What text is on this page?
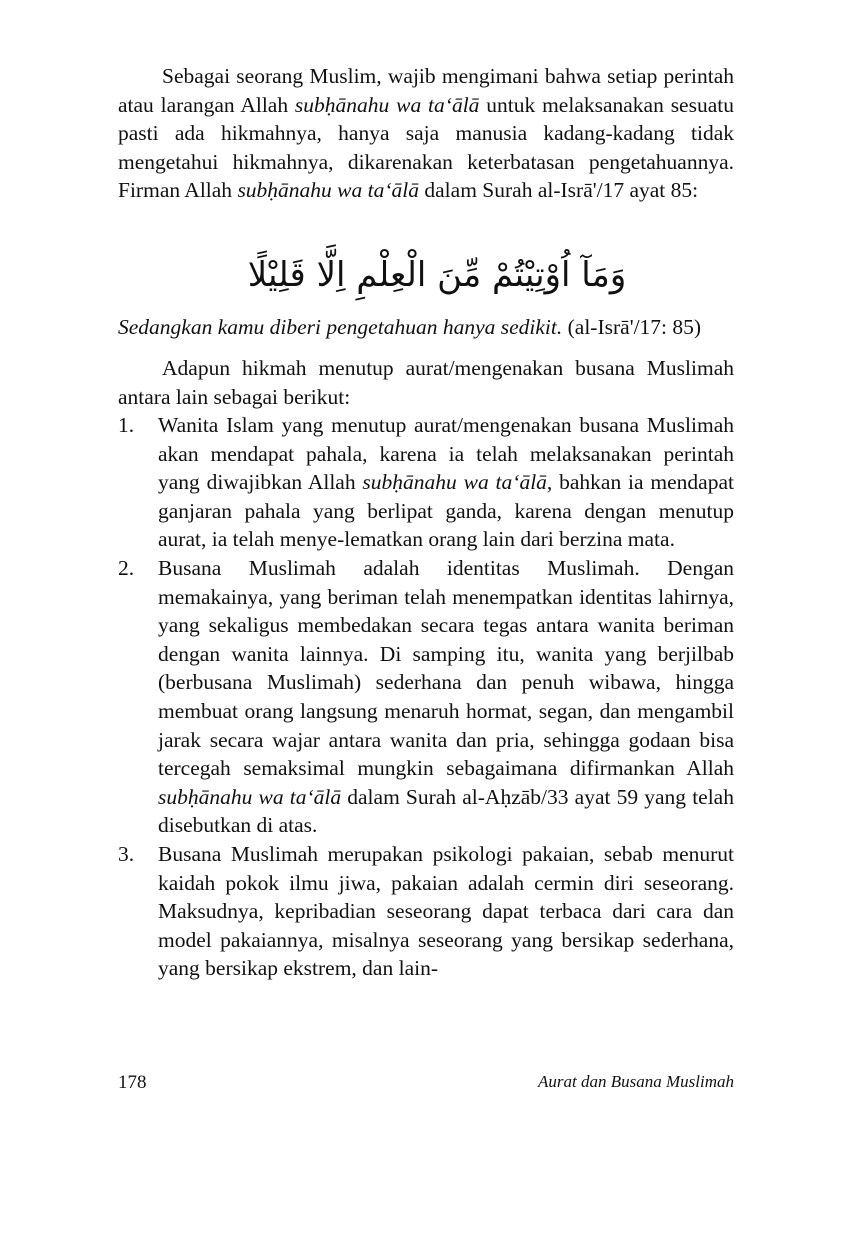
Sebagai seorang Muslim, wajib mengimani bahwa setiap perintah atau larangan Allah subḥānahu wa ta‘ālā untuk melaksanakan sesuatu pasti ada hikmahnya, hanya saja manusia kadang-kadang tidak mengetahui hikmahnya, dikarenakan keterbatasan pengetahuannya. Firman Allah subḥānahu wa ta‘ālā dalam Surah al-Isrā'/17 ayat 85:

وَمَآ اُوْتِيْتُمْ مِّنَ الْعِلْمِ اِلَّا قَلِيْلًا

Sedangkan kamu diberi pengetahuan hanya sedikit. (al-Isrā'/17: 85)

Adapun hikmah menutup aurat/mengenakan busana Muslimah antara lain sebagai berikut:

1. Wanita Islam yang menutup aurat/mengenakan busana Muslimah akan mendapat pahala, karena ia telah melaksanakan perintah yang diwajibkan Allah subḥānahu wa ta‘ālā, bahkan ia mendapat ganjaran pahala yang berlipat ganda, karena dengan menutup aurat, ia telah menye-lematkan orang lain dari berzina mata.
2. Busana Muslimah adalah identitas Muslimah. Dengan memakainya, yang beriman telah menempatkan identitas lahirnya, yang sekaligus membedakan secara tegas antara wanita beriman dengan wanita lainnya. Di samping itu, wanita yang berjilbab (berbusana Muslimah) sederhana dan penuh wibawa, hingga membuat orang langsung menaruh hormat, segan, dan mengambil jarak secara wajar antara wanita dan pria, sehingga godaan bisa tercegah semaksimal mungkin sebagaimana difirmankan Allah subḥānahu wa ta‘ālā dalam Surah al-Aḥzāb/33 ayat 59 yang telah disebutkan di atas.
3. Busana Muslimah merupakan psikologi pakaian, sebab menurut kaidah pokok ilmu jiwa, pakaian adalah cermin diri seseorang. Maksudnya, kepribadian seseorang dapat terbaca dari cara dan model pakaiannya, misalnya seseorang yang bersikap sederhana, yang bersikap ekstrem, dan lain-
178	Aurat dan Busana Muslimah
